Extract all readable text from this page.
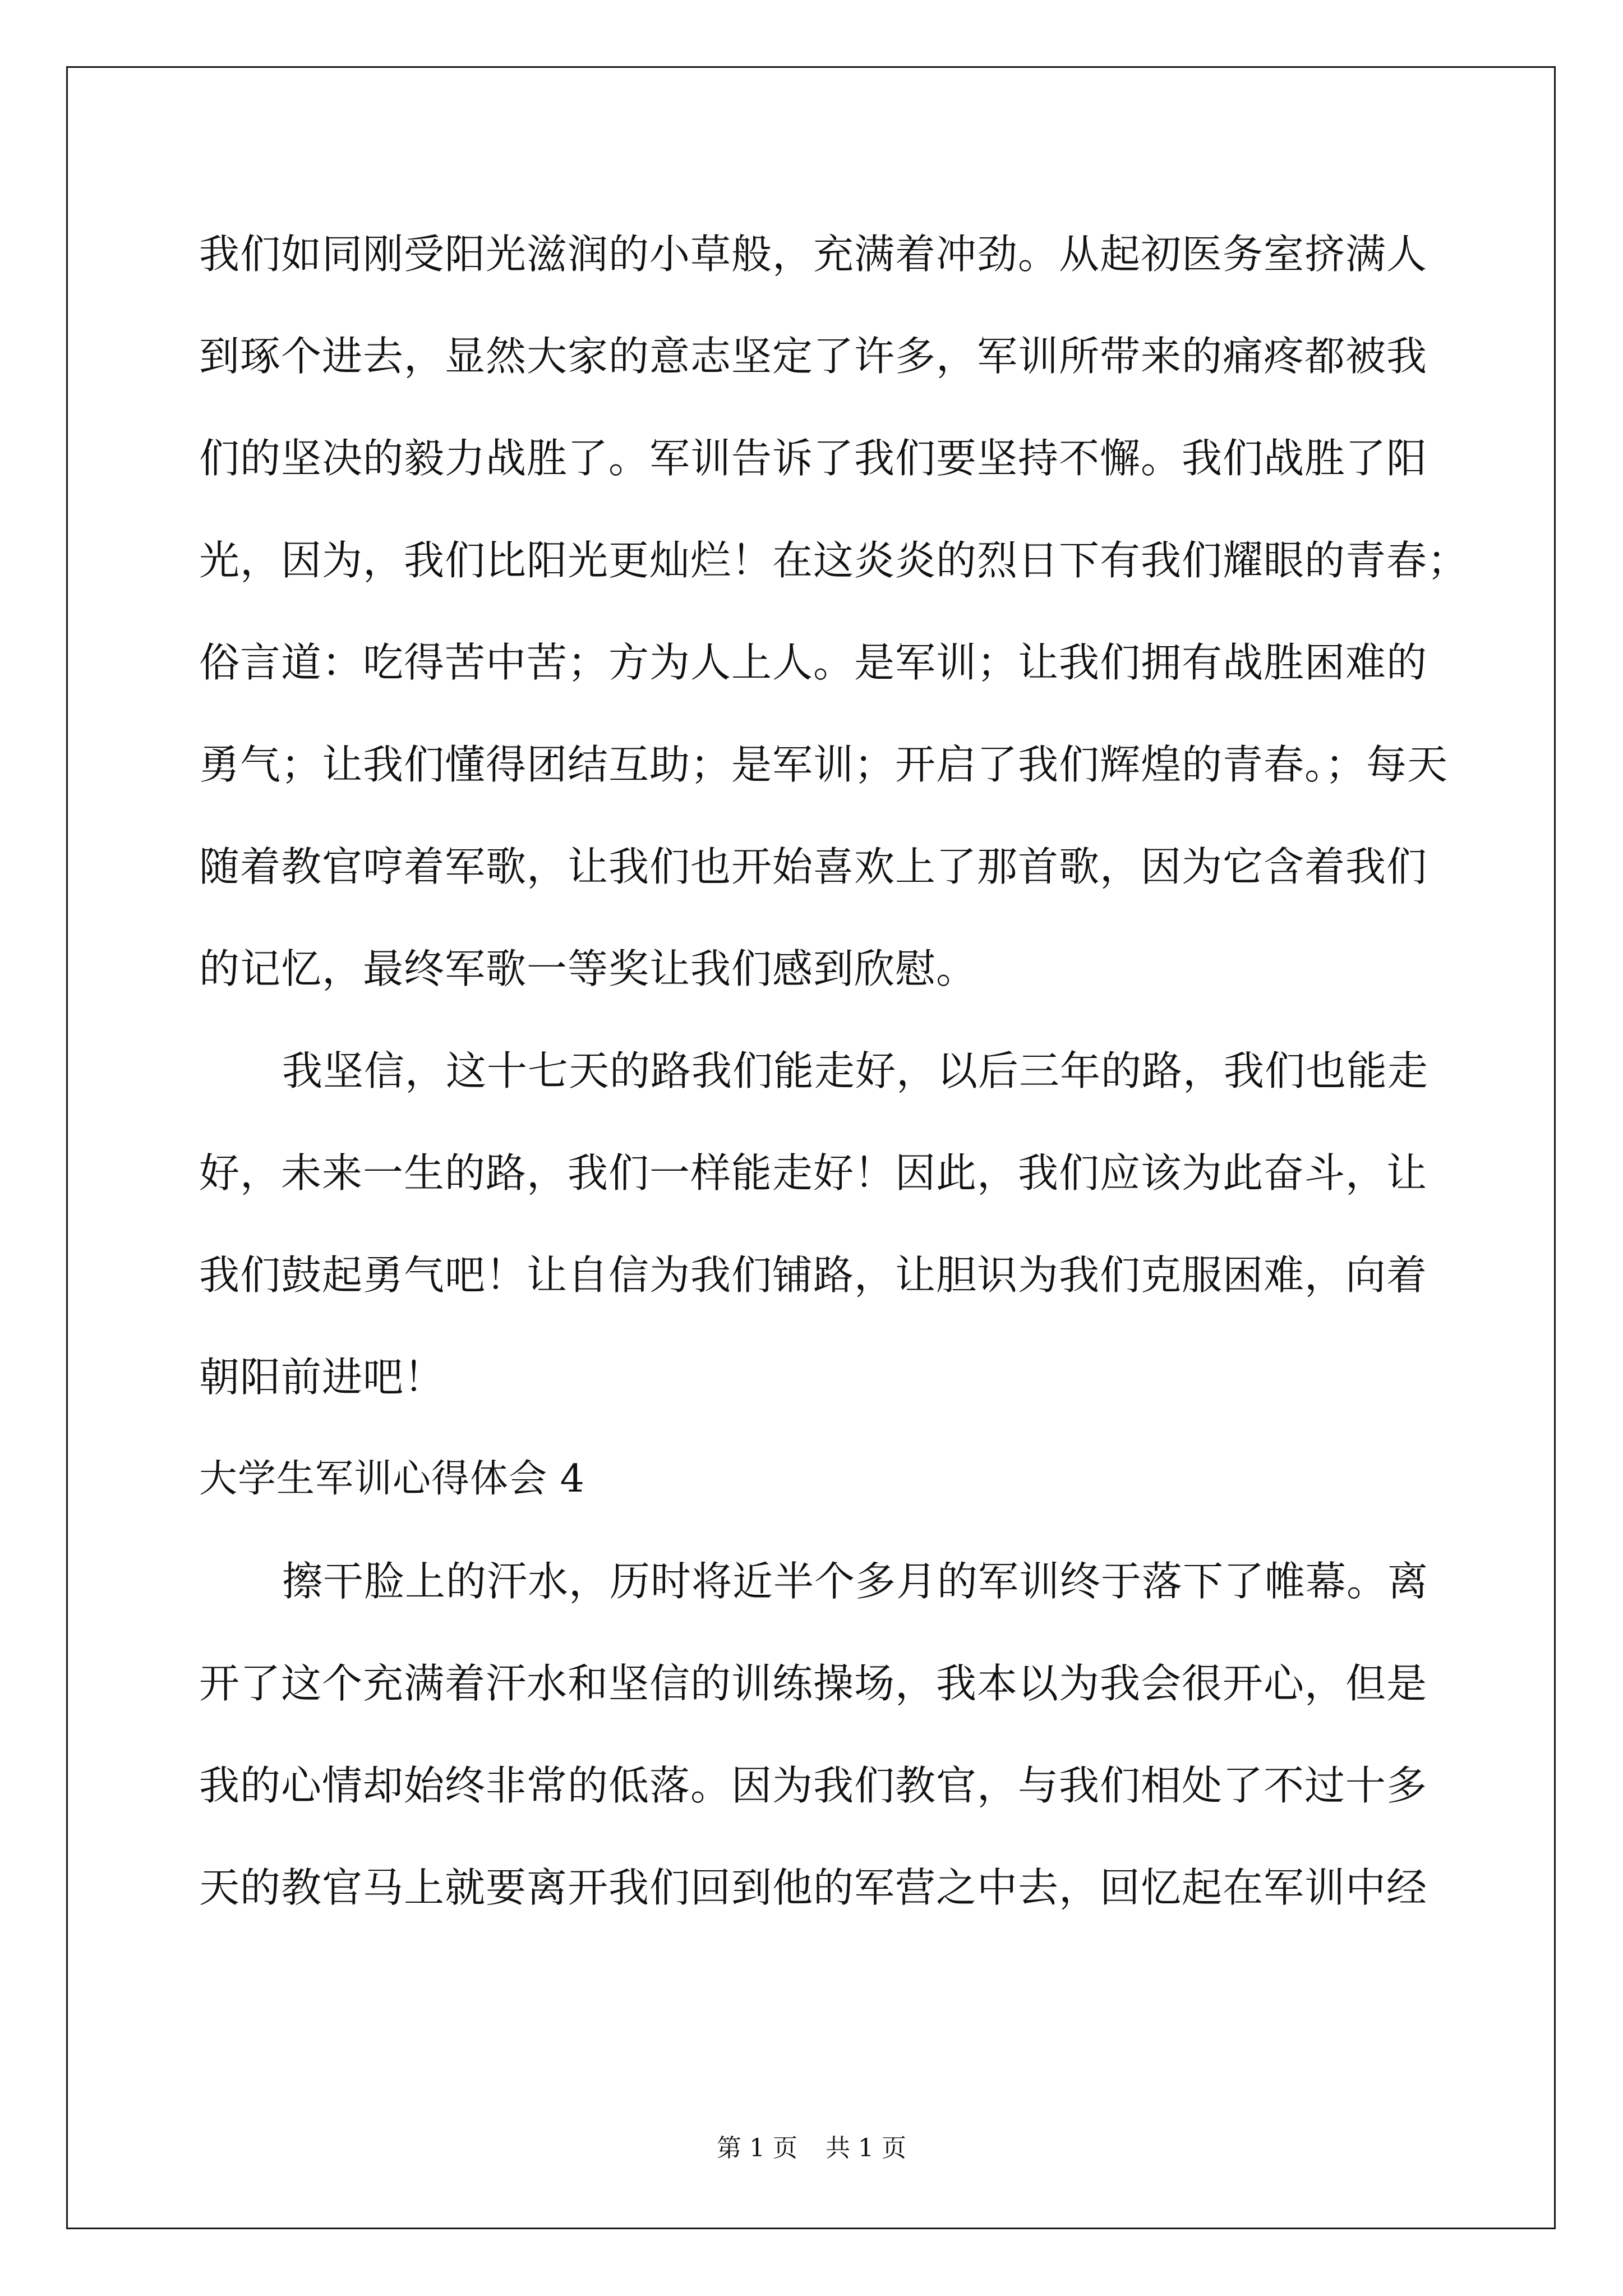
我们如同刚受阳光滋润的小草般，充满着冲劲。从起初医务室挤满人
到琢个进去，显然大家的意志坚定了许多，军训所带来的痛疼都被我
们的坚决的毅力战胜了。军训告诉了我们要坚持不懈。我们战胜了阳
光，因为，我们比阳光更灿烂！在这炎炎的烈日下有我们耀眼的青春；
俗言道：吃得苦中苦；方为人上人。是军训；让我们拥有战胜困难的
勇气；让我们懂得团结互助；是军训；开启了我们辉煌的青春。；每天
随着教官哼着军歌，让我们也开始喜欢上了那首歌，因为它含着我们
的记忆，最终军歌一等奖让我们感到欣慰。
我坚信，这十七天的路我们能走好，以后三年的路，我们也能走
好，未来一生的路，我们一样能走好！因此，我们应该为此奋斗，让
我们鼓起勇气吧！让自信为我们铺路，让胆识为我们克服困难，向着
朝阳前进吧！
大学生军训心得体会 4
擦干脸上的汗水，历时将近半个多月的军训终于落下了帷幕。离
开了这个充满着汗水和坚信的训练操场，我本以为我会很开心，但是
我的心情却始终非常的低落。因为我们教官，与我们相处了不过十多
天的教官马上就要离开我们回到他的军营之中去，回忆起在军训中经
第 1 页 共 1 页
